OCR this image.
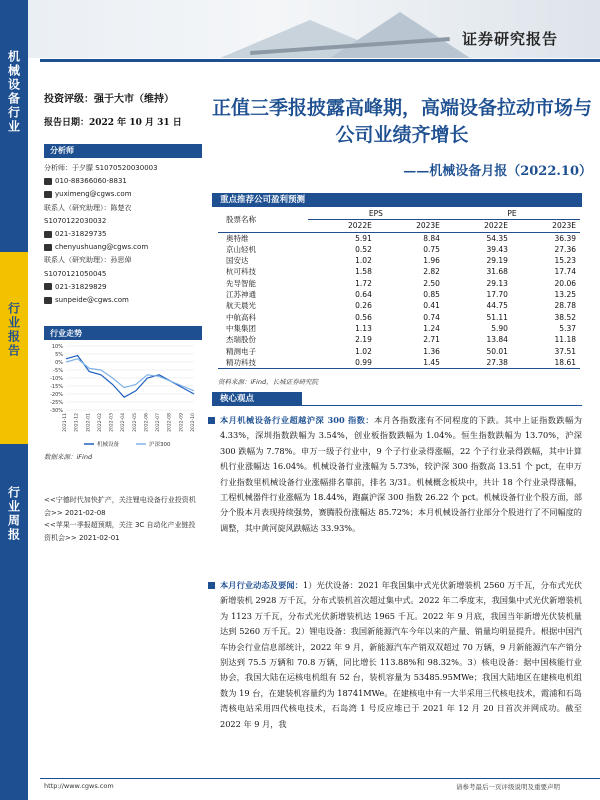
证券研究报告
机械设备行业
行业报告
行业周报
投资评级：强于大市（维持）
报告日期：2022 年 10 月 31 日
分析师
分析师：于夕朦 S1070520030003
010-88366060-8831
yuximeng@cgws.com
联系人（研究助理）：陈楚衣
S1070122030032
021-31829735
chenyushuang@cgws.com
联系人（研究助理）：孙思倬
S1070121050045
021-31829829
sunpeide@cgws.com
行业走势
10%
5%
0%
-5%
-10%
-15%
-20%
-25%
-30%
2021-11 2021-12 2022-01 2022-02 2022-03 2022-04 2022-05 2022-06 2022-07 2022-08 2022-09 2022-10
机械设备	沪深300
数据来源：iFind
<<宁德时代加快扩产，关注锂电设备行业投资机会>> 2021-02-08
<<苹果一季报超预期，关注 3C 自动化产业链投资机会>> 2021-02-01
正值三季报披露高峰期，高端设备拉动市场与公司业绩齐增长
——机械设备月报（2022.10）
重点推荐公司盈利预测
股票名称	EPS		PE	
	2022E	2023E	2022E	2023E
奥特维	5.91	8.84	54.35	36.39
京山轻机	0.52	0.75	39.43	27.36
国安达	1.02	1.96	29.19	15.23
杭可科技	1.58	2.82	31.68	17.74
先导智能	1.72	2.50	29.13	20.06
江苏神通	0.64	0.85	17.70	13.25
航天晨光	0.26	0.41	44.75	28.78
中航高科	0.56	0.74	51.11	38.52
中集集团	1.13	1.24	5.90	5.37
杰瑞股份	2.19	2.71	13.84	11.18
精测电子	1.02	1.36	50.01	37.51
精功科技	0.99	1.45	27.38	18.61
资料来源：iFind，长城证券研究院
核心观点
本月机械设备行业超越沪深 300 指数：本月各指数涨有不同程度的下跌。其中上证指数跌幅为 4.33%，深圳指数跌幅为 3.54%，创业板指数跌幅为 1.04%。恒生指数跌幅为 13.70%，沪深 300 跌幅为 7.78%。申万一级子行业中，9 个子行业录得涨幅，22 个子行业录得跌幅，其中计算机行业涨幅达 16.04%。机械设备行业涨幅为 5.73%，较沪深 300 指数高 13.51 个 pct，在申万行业指数里机械设备行业涨幅排名靠前，排名 3/31。机械概念板块中，共计 18 个行业录得涨幅，工程机械器件行业涨幅为 18.44%，跑赢沪深 300 指数 26.22 个 pct。机械设备行业个股方面，部分个股本月表现持续强势，赛腾股份涨幅达 85.72%；本月机械设备行业部分个股进行了不同幅度的调整，其中黄河旋风跌幅达 33.93%。
本月行业动态及要闻：1）光伏设备：2021 年我国集中式光伏新增装机 2560 万千瓦，分布式光伏新增装机 2928 万千瓦，分布式装机首次超过集中式。2022 年二季度末，我国集中式光伏新增装机为 1123 万千瓦，分布式光伏新增装机达 1965 千瓦。2022 年 9 月底，我国当年新增光伏装机量达到 5260 万千瓦。2）锂电设备：我国新能源汽车今年以来的产量、销量均明显提升。根据中国汽车协会行业信息部统计，2022 年 9 月，新能源汽车产销双双超过 70 万辆，9 月新能源汽车产销分别达到 75.5 万辆和 70.8 万辆，同比增长 113.88%和 98.32%。3）核电设备：据中国核能行业协会，我国大陆在运核电机组有 52 台，装机容量为 53485.95MWe；我国大陆地区在建核电机组数为 19 台，在建装机容量约为 18741MWe。在建核电中有一大半采用三代核电技术，霞浦和石岛湾核电站采用四代核电技术，石岛湾 1 号反应堆已于 2021 年 12 月 20 日首次并网成功。截至 2022 年 9 月，我
http://www.cgws.com	请参考最后一页评级说明及重要声明
